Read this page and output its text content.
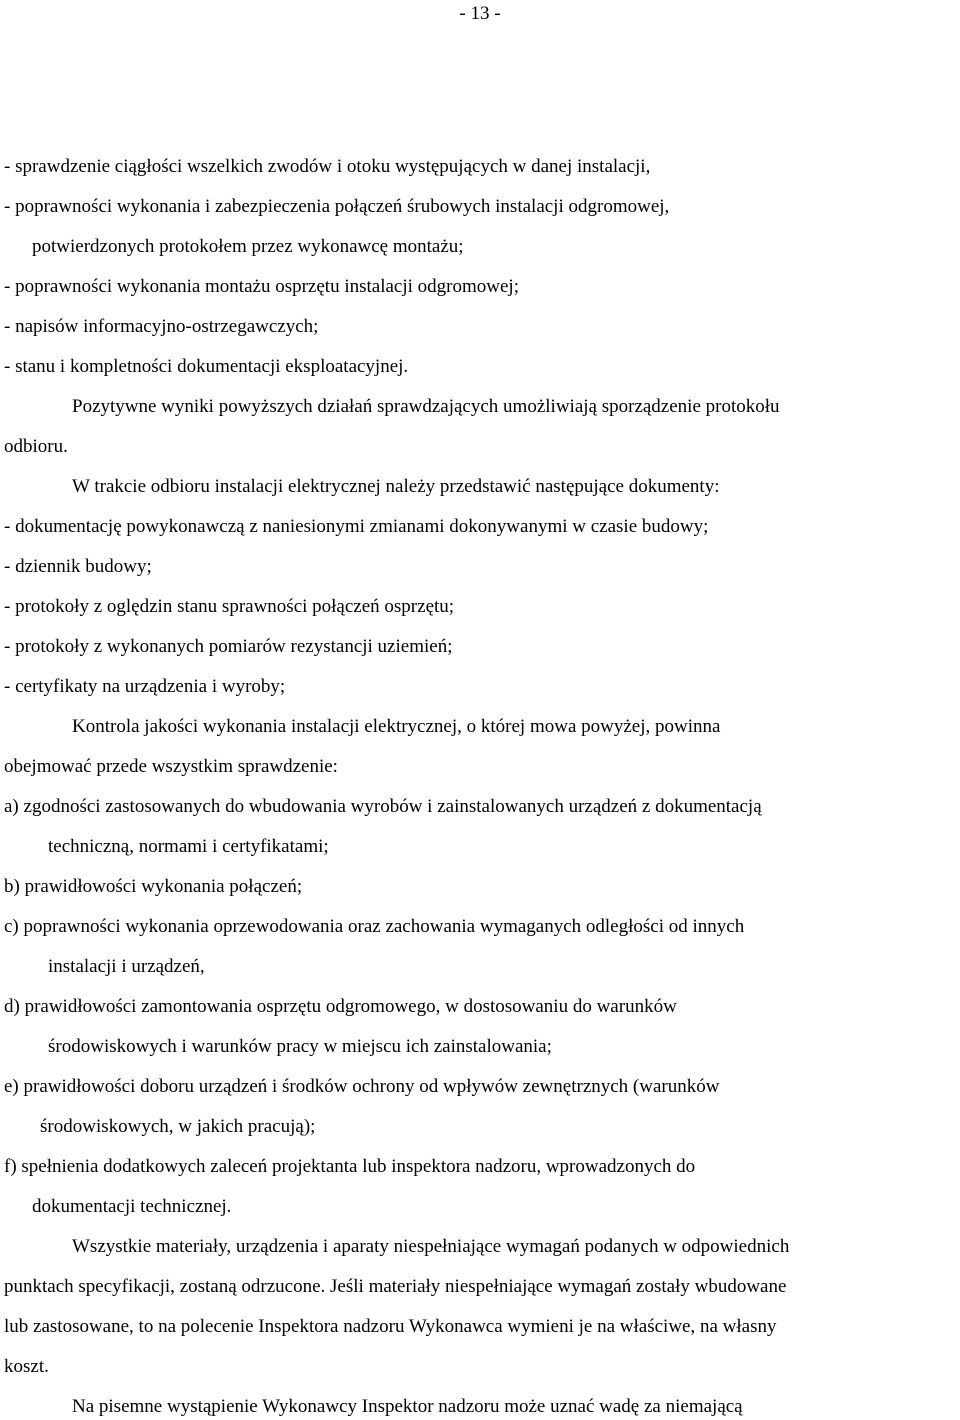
- 13 -
- sprawdzenie ciągłości wszelkich zwodów i otoku występujących w danej instalacji,
- poprawności wykonania i zabezpieczenia połączeń śrubowych instalacji odgromowej,
potwierdzonych protokołem przez wykonawcę montażu;
- poprawności wykonania montażu osprzętu instalacji odgromowej;
- napisów informacyjno-ostrzegawczych;
- stanu i kompletności dokumentacji eksploatacyjnej.
Pozytywne wyniki powyższych działań sprawdzających umożliwiają sporządzenie protokołu
odbioru.
W trakcie odbioru instalacji elektrycznej należy przedstawić następujące dokumenty:
- dokumentację powykonawczą z naniesionymi zmianami dokonywanymi w czasie budowy;
- dziennik budowy;
- protokoły z oględzin stanu sprawności połączeń osprzętu;
- protokoły z wykonanych pomiarów rezystancji uziemień;
- certyfikaty na urządzenia i wyroby;
Kontrola jakości wykonania instalacji elektrycznej, o której mowa powyżej, powinna
obejmować przede wszystkim sprawdzenie:
a) zgodności zastosowanych do wbudowania wyrobów i zainstalowanych urządzeń z dokumentacją
techniczną, normami i certyfikatami;
b) prawidłowości wykonania połączeń;
c) poprawności wykonania oprzewodowania oraz zachowania wymaganych odległości od innych
instalacji i urządzeń,
d) prawidłowości zamontowania osprzętu odgromowego, w dostosowaniu do warunków
środowiskowych i warunków pracy w miejscu ich zainstalowania;
e) prawidłowości doboru urządzeń i środków ochrony od wpływów zewnętrznych (warunków
środowiskowych, w jakich pracują);
f) spełnienia dodatkowych zaleceń projektanta lub inspektora nadzoru, wprowadzonych do
dokumentacji technicznej.
Wszystkie materiały, urządzenia i aparaty niespełniające wymagań podanych w odpowiednich
punktach specyfikacji, zostaną odrzucone. Jeśli materiały niespełniające wymagań zostały wbudowane
lub zastosowane, to na polecenie Inspektora nadzoru Wykonawca wymieni je na właściwe, na własny
koszt.
Na pisemne wystąpienie Wykonawcy Inspektor nadzoru może uznać wadę za niemającą
